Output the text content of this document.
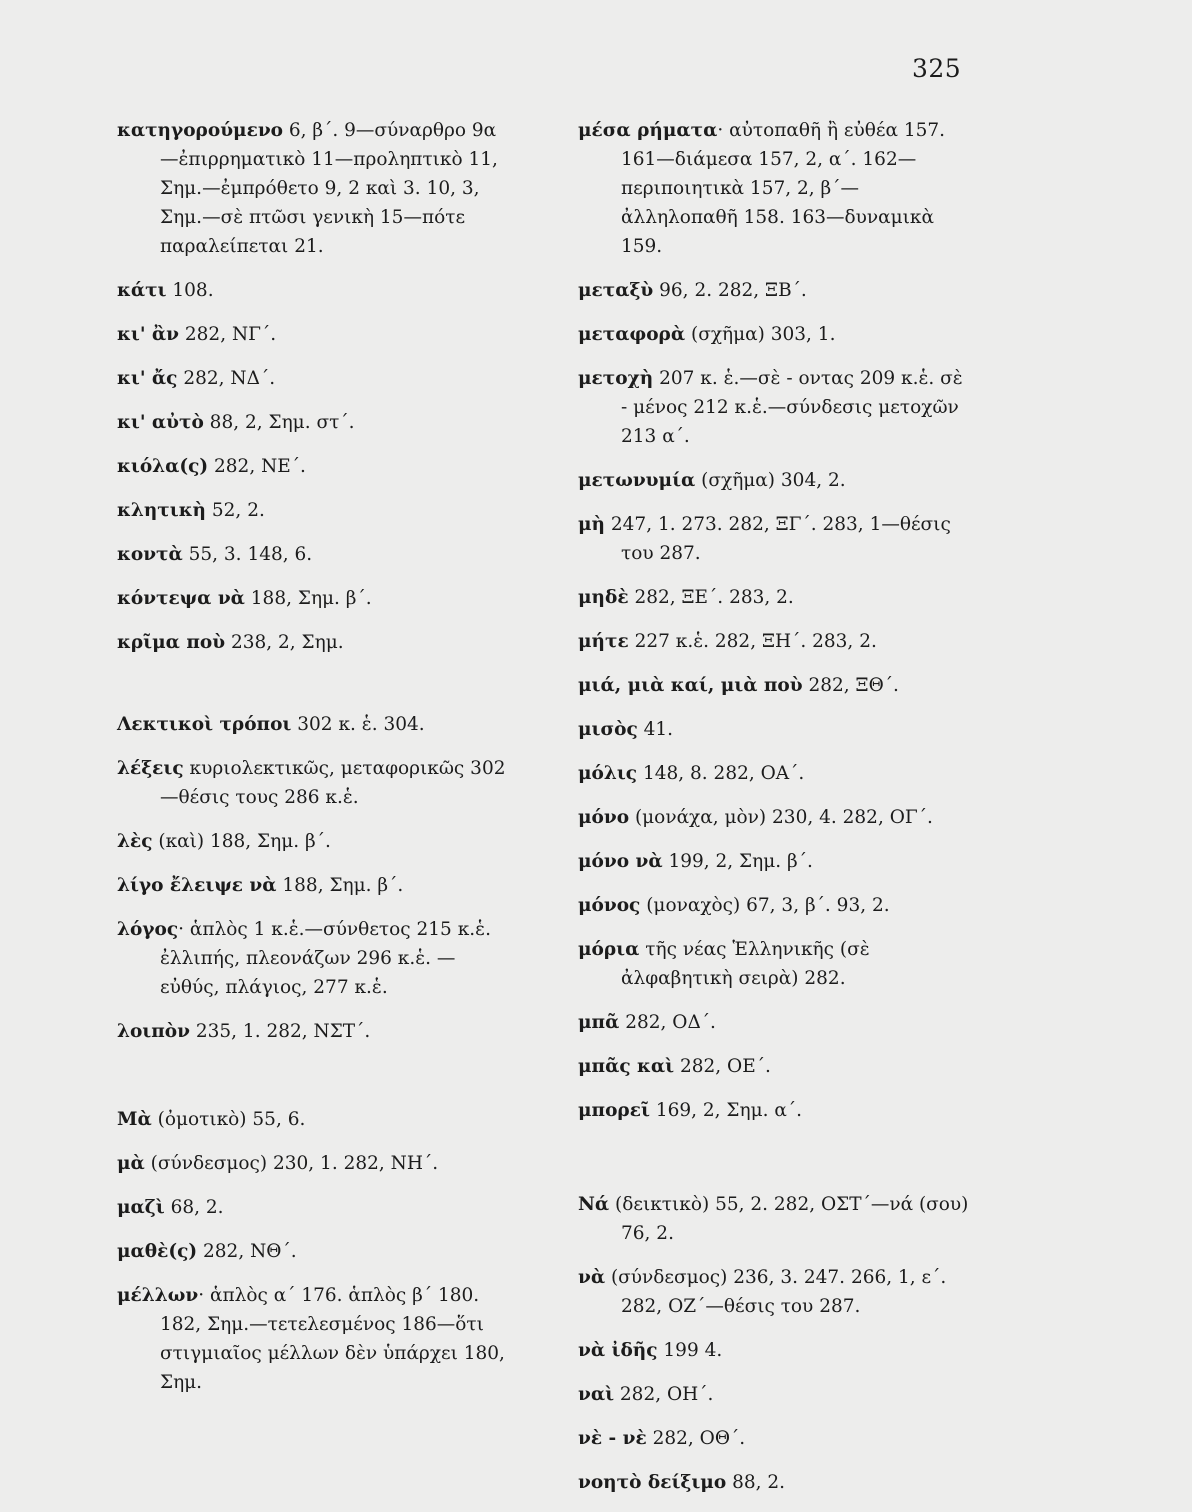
325

κατηγορούμενο 6, β΄. 9—σύναρθρο 9α —ἐπιρρηματικὸ 11—προληπτικὸ 11, Σημ.—ἐμπρόθετο 9, 2 καὶ 3. 10, 3, Σημ.—σὲ πτῶσι γενικὴ 15—πότε παραλείπεται 21.

κάτι 108.

κι' ἂν 282, ΝΓ΄.

κι' ἄς 282, ΝΔ΄.

κι' αὐτὸ 88, 2, Σημ. στ΄.

κιόλα(ς) 282, ΝΕ΄.

κλητικὴ 52, 2.

κοντὰ 55, 3. 148, 6.

κόντεψα νὰ 188, Σημ. β΄.

κρῖμα ποὺ 238, 2, Σημ.

Λεκτικοὶ τρόποι 302 κ. ἑ. 304.

λέξεις κυριολεκτικῶς, μεταφορικῶς 302—θέσις τους 286 κ.ἑ.

λὲς (καὶ) 188, Σημ. β΄.

λίγο ἔλειψε νὰ 188, Σημ. β΄.

λόγος· ἁπλὸς 1 κ.ἑ.—σύνθετος 215 κ.ἑ. ἐλλιπής, πλεονάζων 296 κ.ἑ. —εὐθύς, πλάγιος, 277 κ.ἑ.

λοιπὸν 235, 1. 282, ΝΣΤ΄.

Μὰ (ὀμοτικὸ) 55, 6.

μὰ (σύνδεσμος) 230, 1. 282, ΝΗ΄.

μαζὶ 68, 2.

μαθὲ(ς) 282, ΝΘ΄.

μέλλων· ἁπλὸς α΄ 176. ἁπλὸς β΄ 180. 182, Σημ.—τετελεσμένος 186—ὅτι στιγμιαῖος μέλλων δὲν ὑπάρχει 180, Σημ.

μέσα ρήματα· αὐτοπαθῆ ἢ εὐθέα 157. 161—διάμεσα 157, 2, α΄. 162—περιποιητικὰ 157, 2, β΄—ἀλληλοπαθῆ 158. 163—δυναμικὰ 159.

μεταξὺ 96, 2. 282, ΞΒ΄.

μεταφορὰ (σχῆμα) 303, 1.

μετοχὴ 207 κ. ἑ.—σὲ - οντας 209 κ.ἑ. σὲ - μένος 212 κ.ἑ.—σύνδεσις μετοχῶν 213 α΄.

μετωνυμία (σχῆμα) 304, 2.

μὴ 247, 1. 273. 282, ΞΓ΄. 283, 1—θέσις του 287.

μηδὲ 282, ΞΕ΄. 283, 2.

μήτε 227 κ.ἑ. 282, ΞΗ΄. 283, 2.

μιά, μιὰ καί, μιὰ ποὺ 282, ΞΘ΄.

μισὸς 41.

μόλις 148, 8. 282, ΟΑ΄.

μόνο (μονάχα, μὸν) 230, 4. 282, ΟΓ΄.

μόνο νὰ 199, 2, Σημ. β΄.

μόνος (μοναχὸς) 67, 3, β΄. 93, 2.

μόρια τῆς νέας Ἑλληνικῆς (σὲ ἀλφαβητικὴ σειρὰ) 282.

μπᾶ 282, ΟΔ΄.

μπᾶς καὶ 282, ΟΕ΄.

μπορεῖ 169, 2, Σημ. α΄.

Νά (δεικτικὸ) 55, 2. 282, ΟΣΤ΄—νά (σου) 76, 2.

νὰ (σύνδεσμος) 236, 3. 247. 266, 1, ε΄. 282, ΟΖ΄—θέσις του 287.

νὰ ἰδῆς 199 4.

ναὶ 282, ΟΗ΄.

νὲ - νὲ 282, ΟΘ΄.

νοητὸ δείξιμο 88, 2.
